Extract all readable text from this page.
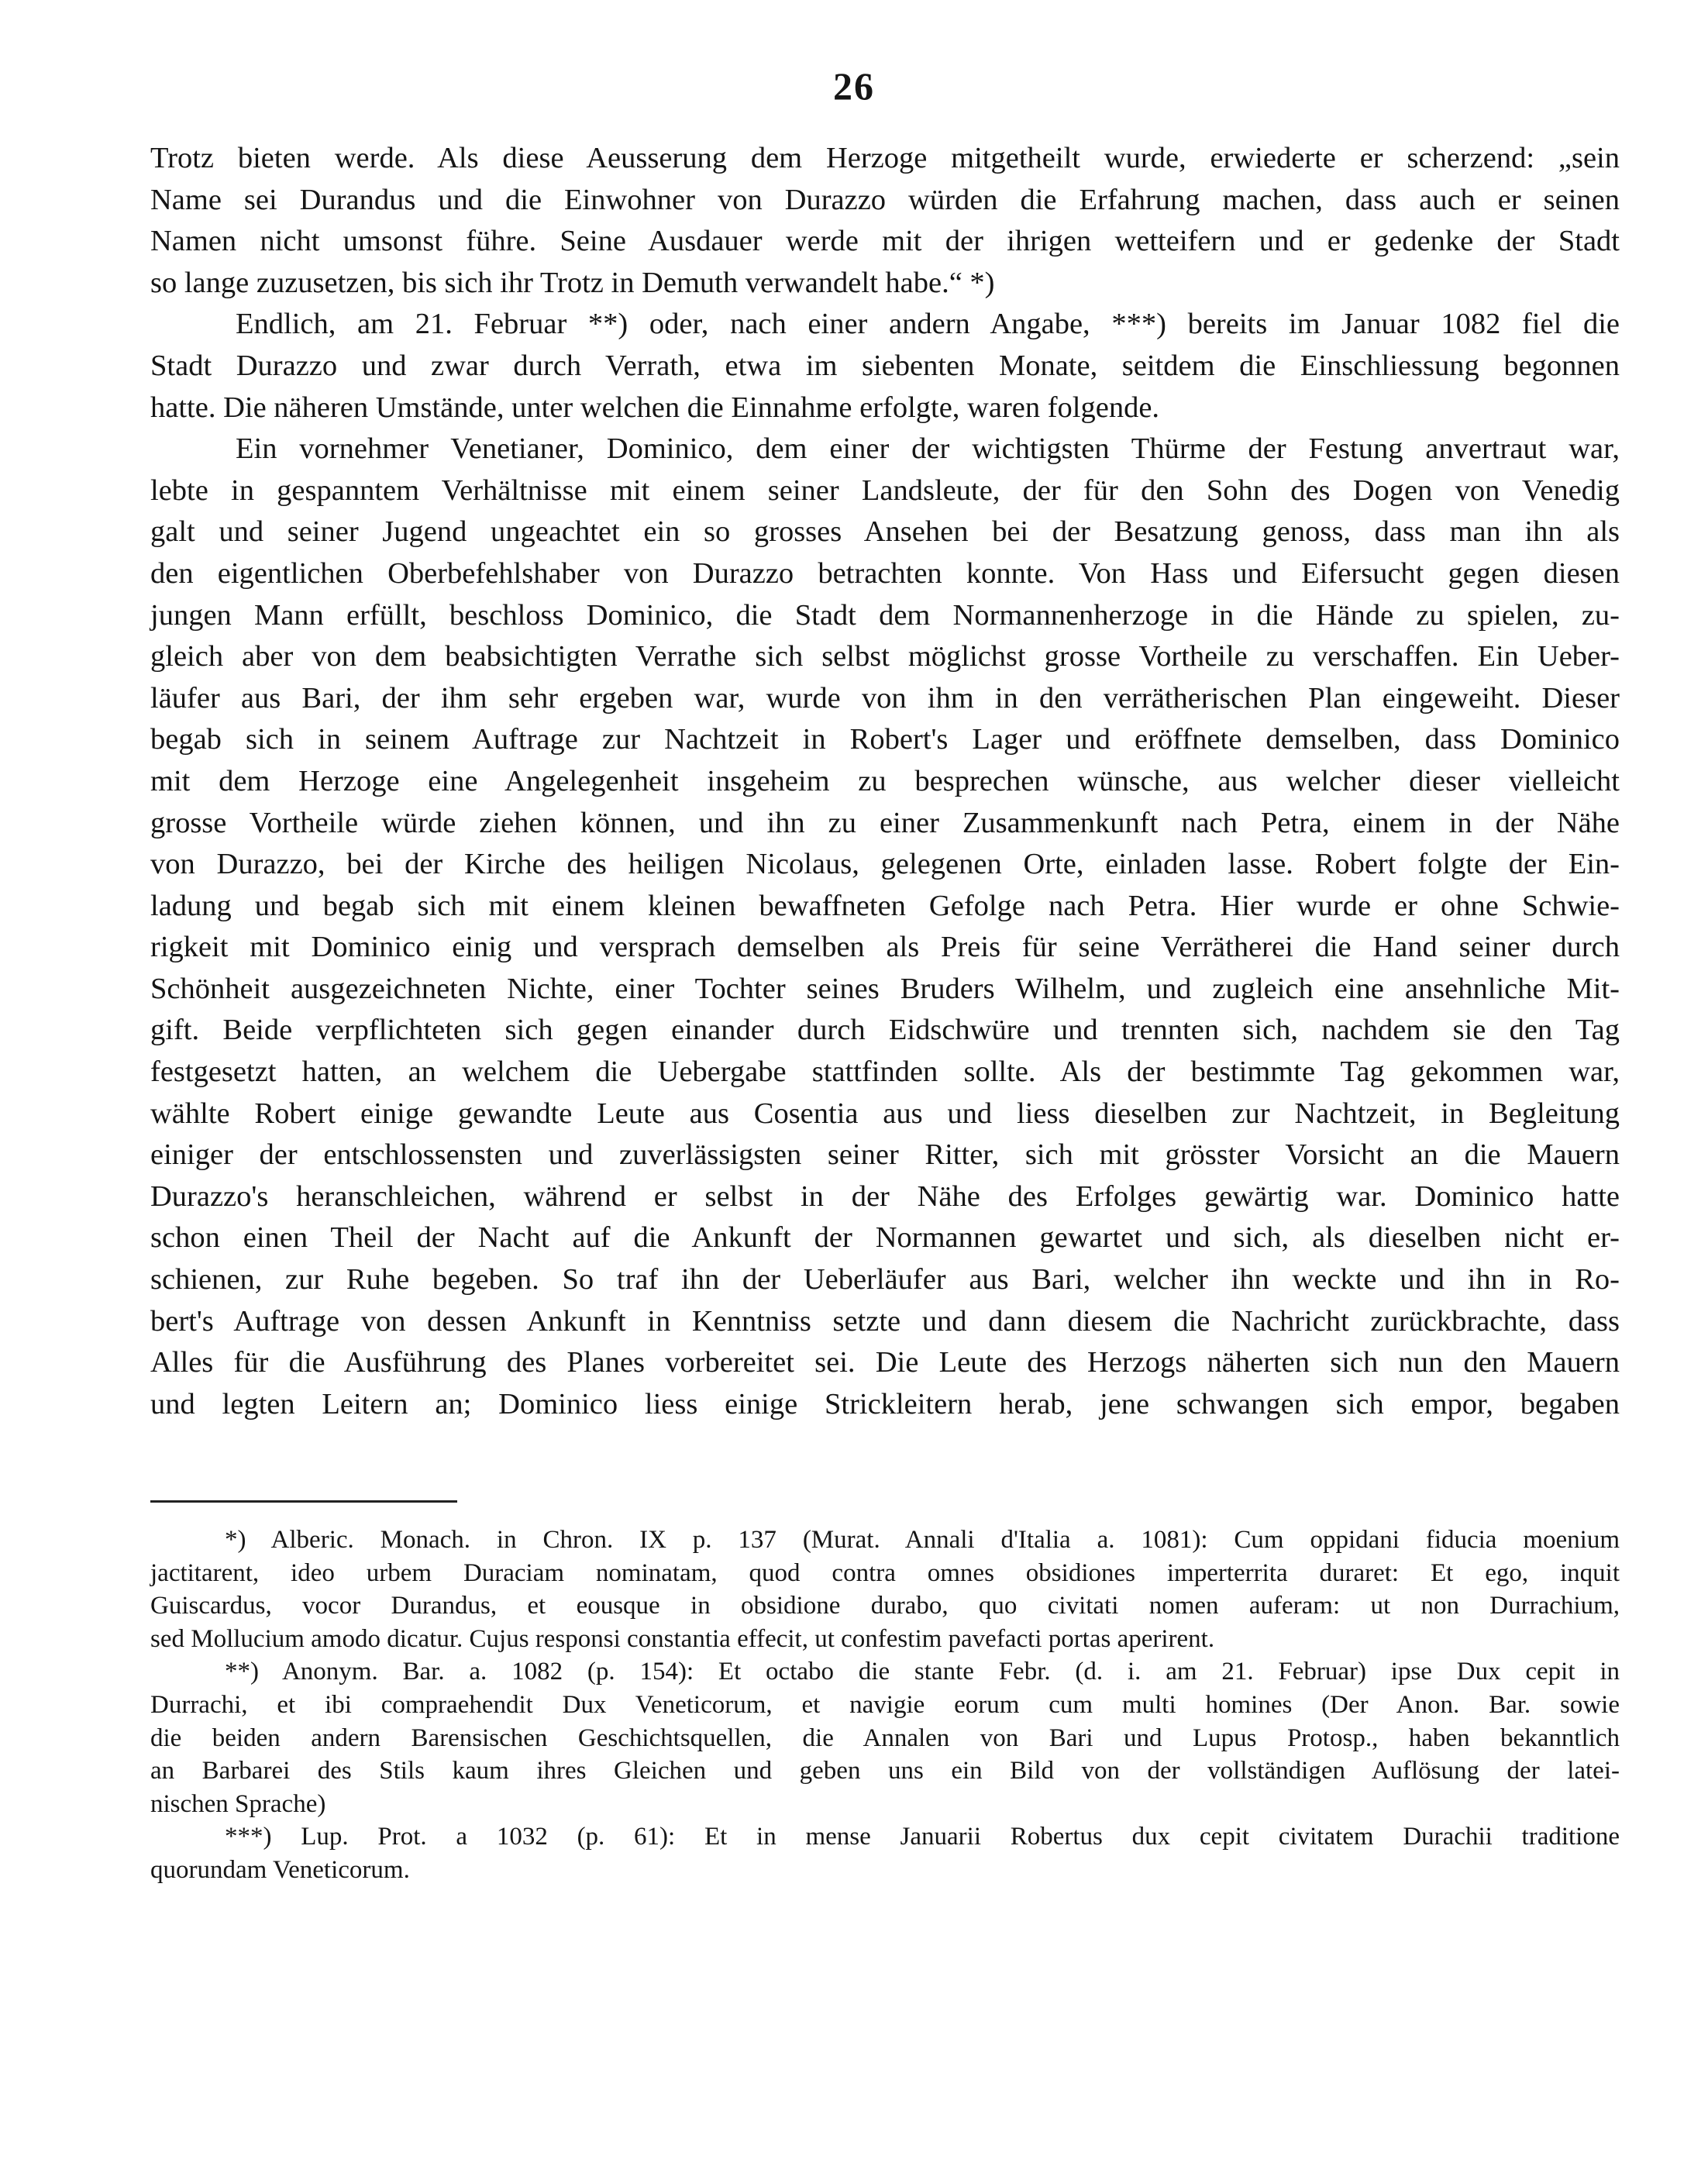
26
Trotz bieten werde. Als diese Aeusserung dem Herzoge mitgetheilt wurde, erwiederte er scherzend: „sein
Name sei Durandus und die Einwohner von Durazzo würden die Erfahrung machen, dass auch er seinen
Namen nicht umsonst führe. Seine Ausdauer werde mit der ihrigen wetteifern und er gedenke der Stadt
so lange zuzusetzen, bis sich ihr Trotz in Demuth verwandelt habe.“ *)
Endlich, am 21. Februar **) oder, nach einer andern Angabe, ***) bereits im Januar 1082 fiel die
Stadt Durazzo und zwar durch Verrath, etwa im siebenten Monate, seitdem die Einschliessung begonnen
hatte. Die näheren Umstände, unter welchen die Einnahme erfolgte, waren folgende.
Ein vornehmer Venetianer, Dominico, dem einer der wichtigsten Thürme der Festung anvertraut war,
lebte in gespanntem Verhältnisse mit einem seiner Landsleute, der für den Sohn des Dogen von Venedig
galt und seiner Jugend ungeachtet ein so grosses Ansehen bei der Besatzung genoss, dass man ihn als
den eigentlichen Oberbefehlshaber von Durazzo betrachten konnte. Von Hass und Eifersucht gegen diesen
jungen Mann erfüllt, beschloss Dominico, die Stadt dem Normannenherzoge in die Hände zu spielen, zu-
gleich aber von dem beabsichtigten Verrathe sich selbst möglichst grosse Vortheile zu verschaffen. Ein Ueber-
läufer aus Bari, der ihm sehr ergeben war, wurde von ihm in den verrätherischen Plan eingeweiht. Dieser
begab sich in seinem Auftrage zur Nachtzeit in Robert's Lager und eröffnete demselben, dass Dominico
mit dem Herzoge eine Angelegenheit insgeheim zu besprechen wünsche, aus welcher dieser vielleicht
grosse Vortheile würde ziehen können, und ihn zu einer Zusammenkunft nach Petra, einem in der Nähe
von Durazzo, bei der Kirche des heiligen Nicolaus, gelegenen Orte, einladen lasse. Robert folgte der Ein-
ladung und begab sich mit einem kleinen bewaffneten Gefolge nach Petra. Hier wurde er ohne Schwie-
rigkeit mit Dominico einig und versprach demselben als Preis für seine Verrätherei die Hand seiner durch
Schönheit ausgezeichneten Nichte, einer Tochter seines Bruders Wilhelm, und zugleich eine ansehnliche Mit-
gift. Beide verpflichteten sich gegen einander durch Eidschwüre und trennten sich, nachdem sie den Tag
festgesetzt hatten, an welchem die Uebergabe stattfinden sollte. Als der bestimmte Tag gekommen war,
wählte Robert einige gewandte Leute aus Cosentia aus und liess dieselben zur Nachtzeit, in Begleitung
einiger der entschlossensten und zuverlässigsten seiner Ritter, sich mit grösster Vorsicht an die Mauern
Durazzo's heranschleichen, während er selbst in der Nähe des Erfolges gewärtig war. Dominico hatte
schon einen Theil der Nacht auf die Ankunft der Normannen gewartet und sich, als dieselben nicht er-
schienen, zur Ruhe begeben. So traf ihn der Ueberläufer aus Bari, welcher ihn weckte und ihn in Ro-
bert's Auftrage von dessen Ankunft in Kenntniss setzte und dann diesem die Nachricht zurückbrachte, dass
Alles für die Ausführung des Planes vorbereitet sei. Die Leute des Herzogs näherten sich nun den Mauern
und legten Leitern an; Dominico liess einige Strickleitern herab, jene schwangen sich empor, begaben
*) Alberic. Monach. in Chron. IX p. 137 (Murat. Annali d'Italia a. 1081): Cum oppidani fiducia moenium
jactitarent, ideo urbem Duraciam nominatam, quod contra omnes obsidiones imperterrita duraret: Et ego, inquit
Guiscardus, vocor Durandus, et eousque in obsidione durabo, quo civitati nomen auferam: ut non Durrachium,
sed Mollucium amodo dicatur. Cujus responsi constantia effecit, ut confestim pavefacti portas aperirent.
**) Anonym. Bar. a. 1082 (p. 154): Et octabo die stante Febr. (d. i. am 21. Februar) ipse Dux cepit in
Durrachi, et ibi compraehendit Dux Veneticorum, et navigie eorum cum multi homines (Der Anon. Bar. sowie
die beiden andern Barensischen Geschichtsquellen, die Annalen von Bari und Lupus Protosp., haben bekanntlich
an Barbarei des Stils kaum ihres Gleichen und geben uns ein Bild von der vollständigen Auflösung der latei-
nischen Sprache)
***) Lup. Prot. a 1032 (p. 61): Et in mense Januarii Robertus dux cepit civitatem Durachii traditione
quorundam Veneticorum.
